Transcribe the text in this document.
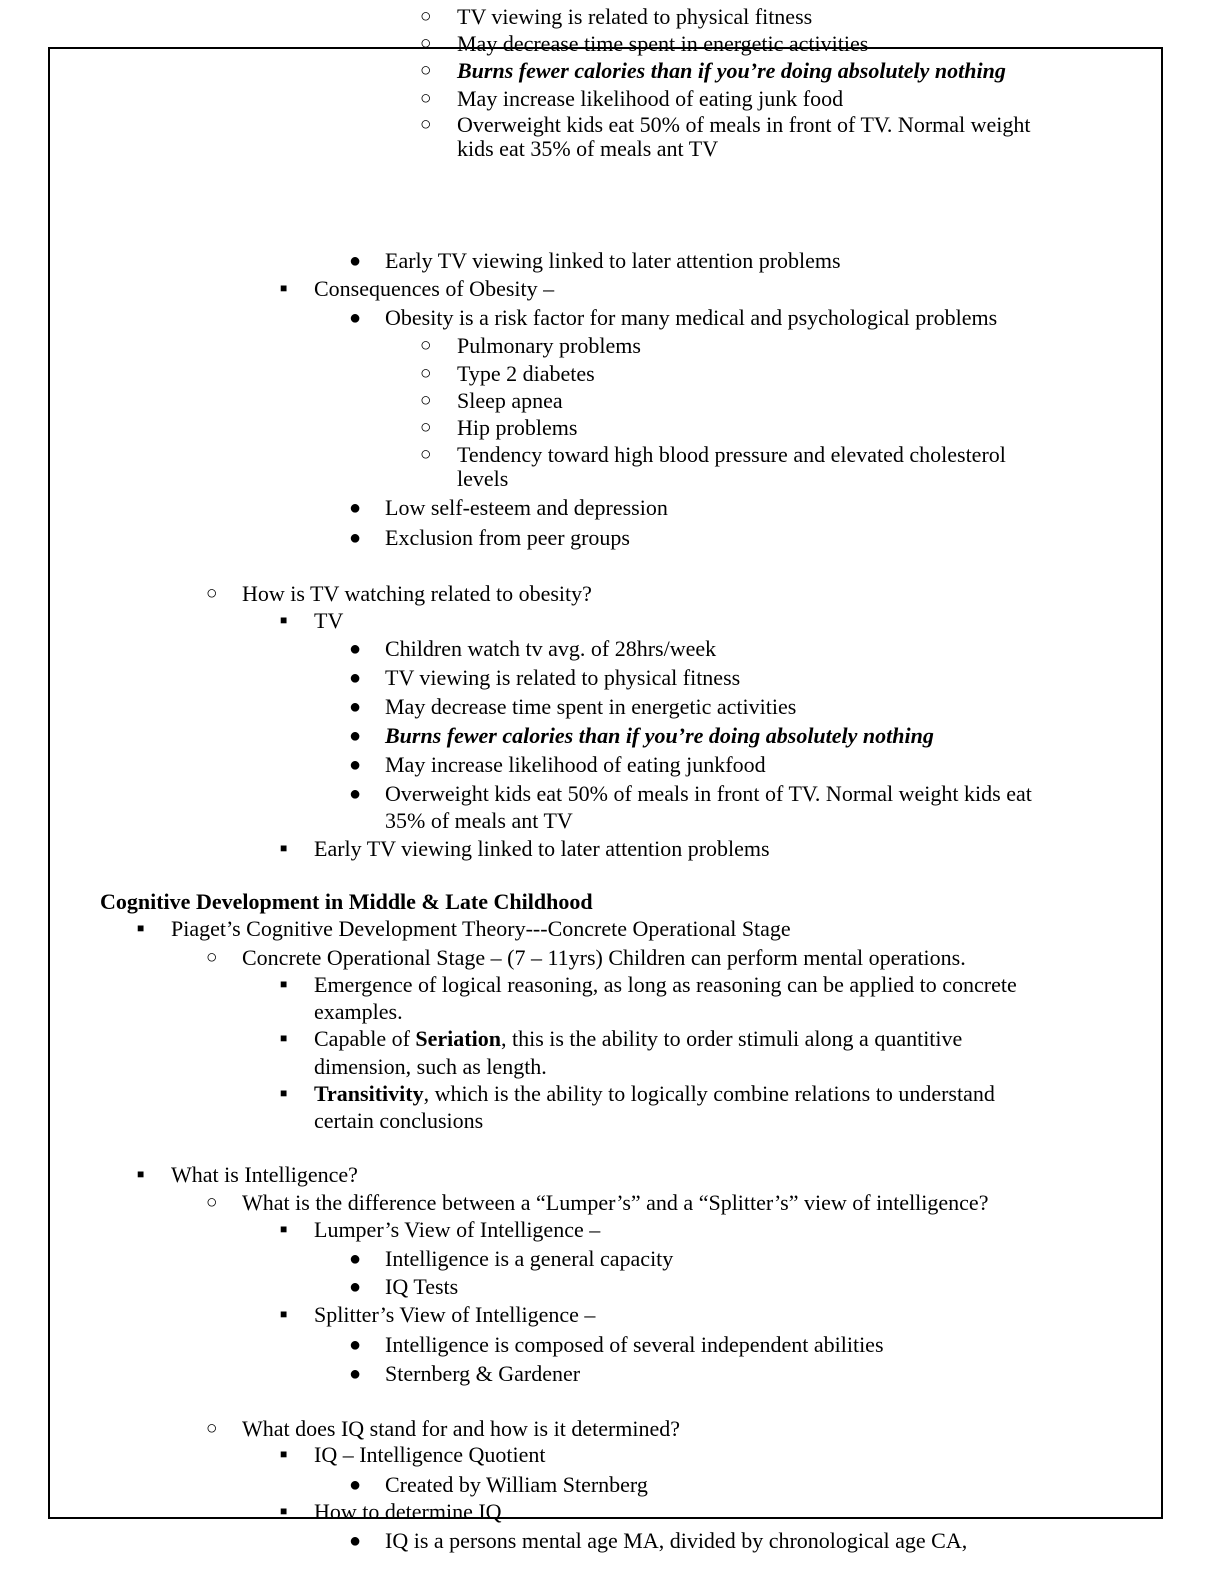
○ TV viewing is related to physical fitness
○ May decrease time spent in energetic activities
○ Burns fewer calories than if you’re doing absolutely nothing
○ May increase likelihood of eating junk food
○ Overweight kids eat 50% of meals in front of TV. Normal weight
kids eat 35% of meals ant TV
● Early TV viewing linked to later attention problems
■ Consequences of Obesity –
● Obesity is a risk factor for many medical and psychological problems
○ Pulmonary problems
○ Type 2 diabetes
○ Sleep apnea
○ Hip problems
○ Tendency toward high blood pressure and elevated cholesterol
levels
● Low self-esteem and depression
● Exclusion from peer groups
○ How is TV watching related to obesity?
■ TV
● Children watch tv avg. of 28hrs/week
● TV viewing is related to physical fitness
● May decrease time spent in energetic activities
● Burns fewer calories than if you’re doing absolutely nothing
● May increase likelihood of eating junkfood
● Overweight kids eat 50% of meals in front of TV. Normal weight kids eat
35% of meals ant TV
■ Early TV viewing linked to later attention problems
Cognitive Development in Middle & Late Childhood
■ Piaget’s Cognitive Development Theory---Concrete Operational Stage
○ Concrete Operational Stage – (7 – 11yrs) Children can perform mental operations.
■ Emergence of logical reasoning, as long as reasoning can be applied to concrete
examples.
■ Capable of Seriation, this is the ability to order stimuli along a quantitive
dimension, such as length.
■ Transitivity, which is the ability to logically combine relations to understand
certain conclusions
■ What is Intelligence?
○ What is the difference between a “Lumper’s” and a “Splitter’s” view of intelligence?
■ Lumper’s View of Intelligence –
● Intelligence is a general capacity
● IQ Tests
■ Splitter’s View of Intelligence –
● Intelligence is composed of several independent abilities
● Sternberg & Gardener
○ What does IQ stand for and how is it determined?
■ IQ – Intelligence Quotient
● Created by William Sternberg
■ How to determine IQ
● IQ is a persons mental age MA, divided by chronological age CA,
